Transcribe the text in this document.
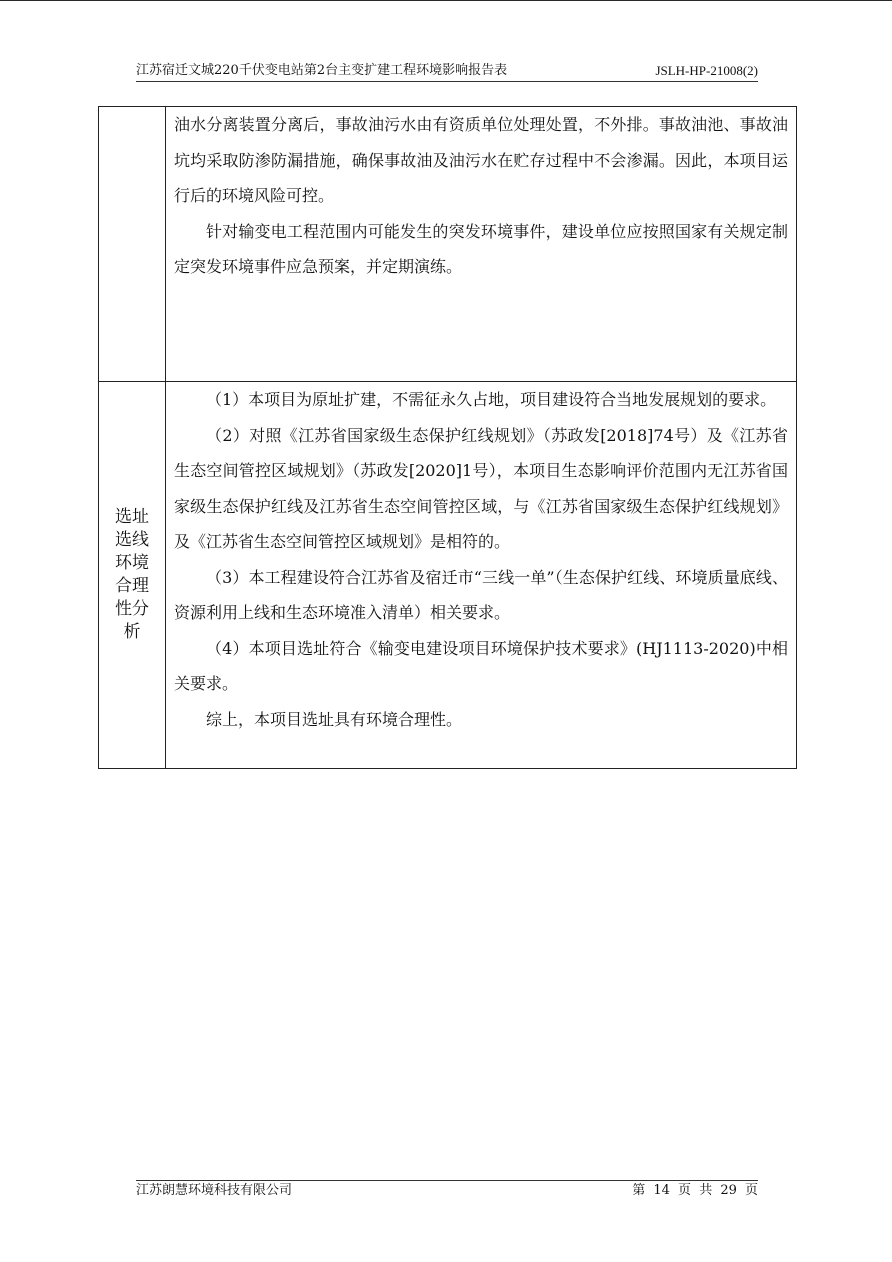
江苏宿迁文城220千伏变电站第2台主变扩建工程环境影响报告表	JSLH-HP-21008(2)

	油水分离装置分离后，事故油污水由有资质单位处理处置，不外排。事故油池、事故油坑均采取防渗防漏措施，确保事故油及油污水在贮存过程中不会渗漏。因此，本项目运行后的环境风险可控。

针对输变电工程范围内可能发生的突发环境事件，建设单位应按照国家有关规定制定突发环境事件应急预案，并定期演练。

选址选线环境合理性分析	（1）本项目为原址扩建，不需征永久占地，项目建设符合当地发展规划的要求。

（2）对照《江苏省国家级生态保护红线规划》（苏政发[2018]74号）及《江苏省生态空间管控区域规划》（苏政发[2020]1号），本项目生态影响评价范围内无江苏省国家级生态保护红线及江苏省生态空间管控区域，与《江苏省国家级生态保护红线规划》及《江苏省生态空间管控区域规划》是相符的。

（3）本工程建设符合江苏省及宿迁市“三线一单”（生态保护红线、环境质量底线、资源利用上线和生态环境准入清单）相关要求。

（4）本项目选址符合《输变电建设项目环境保护技术要求》(HJ1113-2020)中相关要求。

综上，本项目选址具有环境合理性。

江苏朗慧环境科技有限公司	第 14 页 共 29 页
